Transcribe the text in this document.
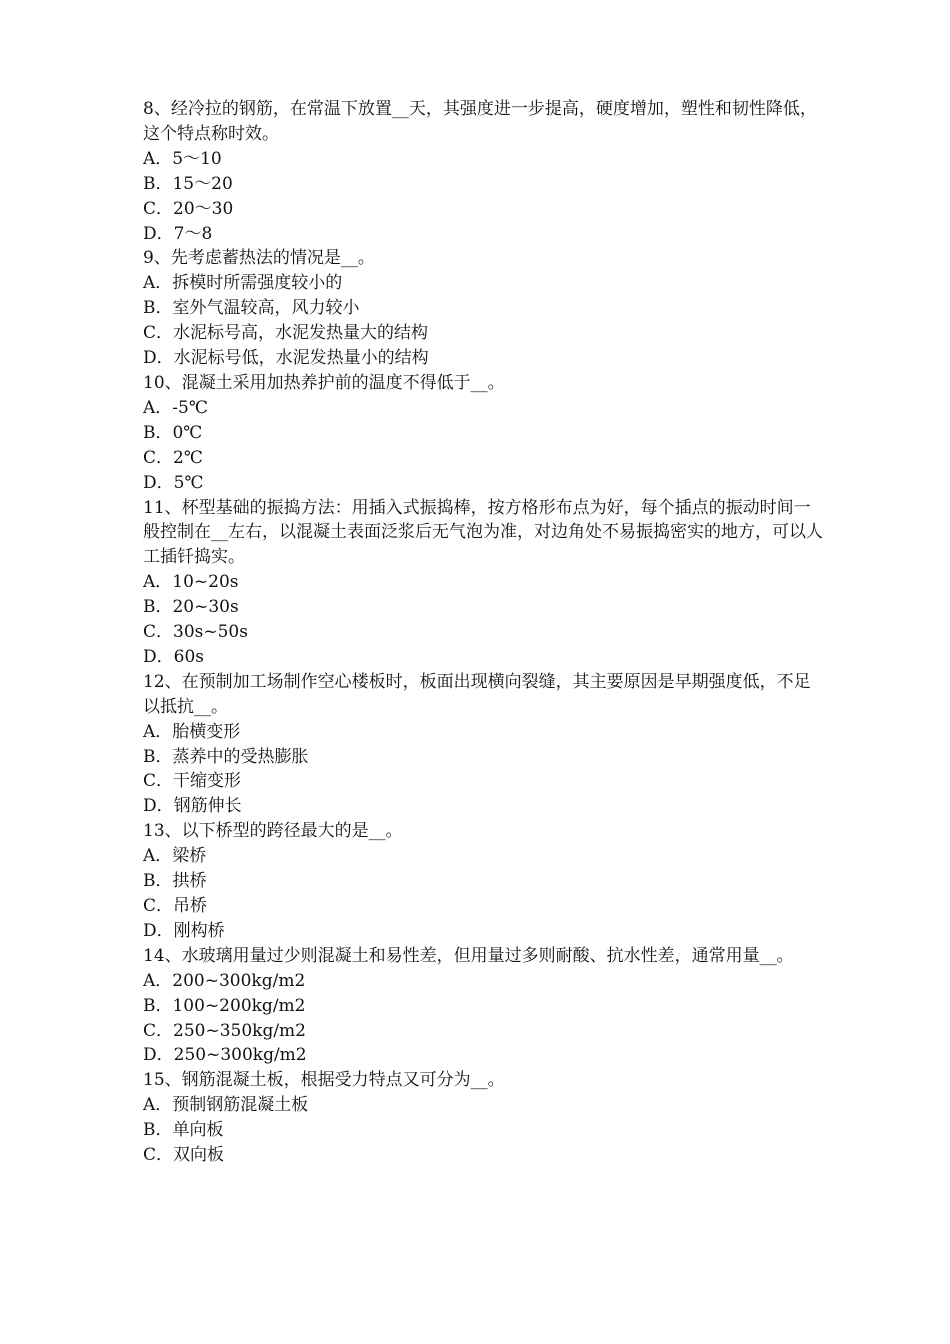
8、经冷拉的钢筋，在常温下放置__天，其强度进一步提高，硬度增加，塑性和韧性降低，这个特点称时效。
A．5～10
B．15～20
C．20～30
D．7～8
9、先考虑蓄热法的情况是__。
A．拆模时所需强度较小的
B．室外气温较高，风力较小
C．水泥标号高，水泥发热量大的结构
D．水泥标号低，水泥发热量小的结构
10、混凝土采用加热养护前的温度不得低于__。
A．-5℃
B．0℃
C．2℃
D．5℃
11、杯型基础的振捣方法：用插入式振捣棒，按方格形布点为好，每个插点的振动时间一般控制在__左右，以混凝土表面泛浆后无气泡为准，对边角处不易振捣密实的地方，可以人工插钎捣实。
A．10~20s
B．20~30s
C．30s~50s
D．60s
12、在预制加工场制作空心楼板时，板面出现横向裂缝，其主要原因是早期强度低，不足以抵抗__。
A．胎横变形
B．蒸养中的受热膨胀
C．干缩变形
D．钢筋伸长
13、以下桥型的跨径最大的是__。
A．梁桥
B．拱桥
C．吊桥
D．刚构桥
14、水玻璃用量过少则混凝土和易性差，但用量过多则耐酸、抗水性差，通常用量__。
A．200~300kg/m2
B．100~200kg/m2
C．250~350kg/m2
D．250~300kg/m2
15、钢筋混凝土板，根据受力特点又可分为__。
A．预制钢筋混凝土板
B．单向板
C．双向板
